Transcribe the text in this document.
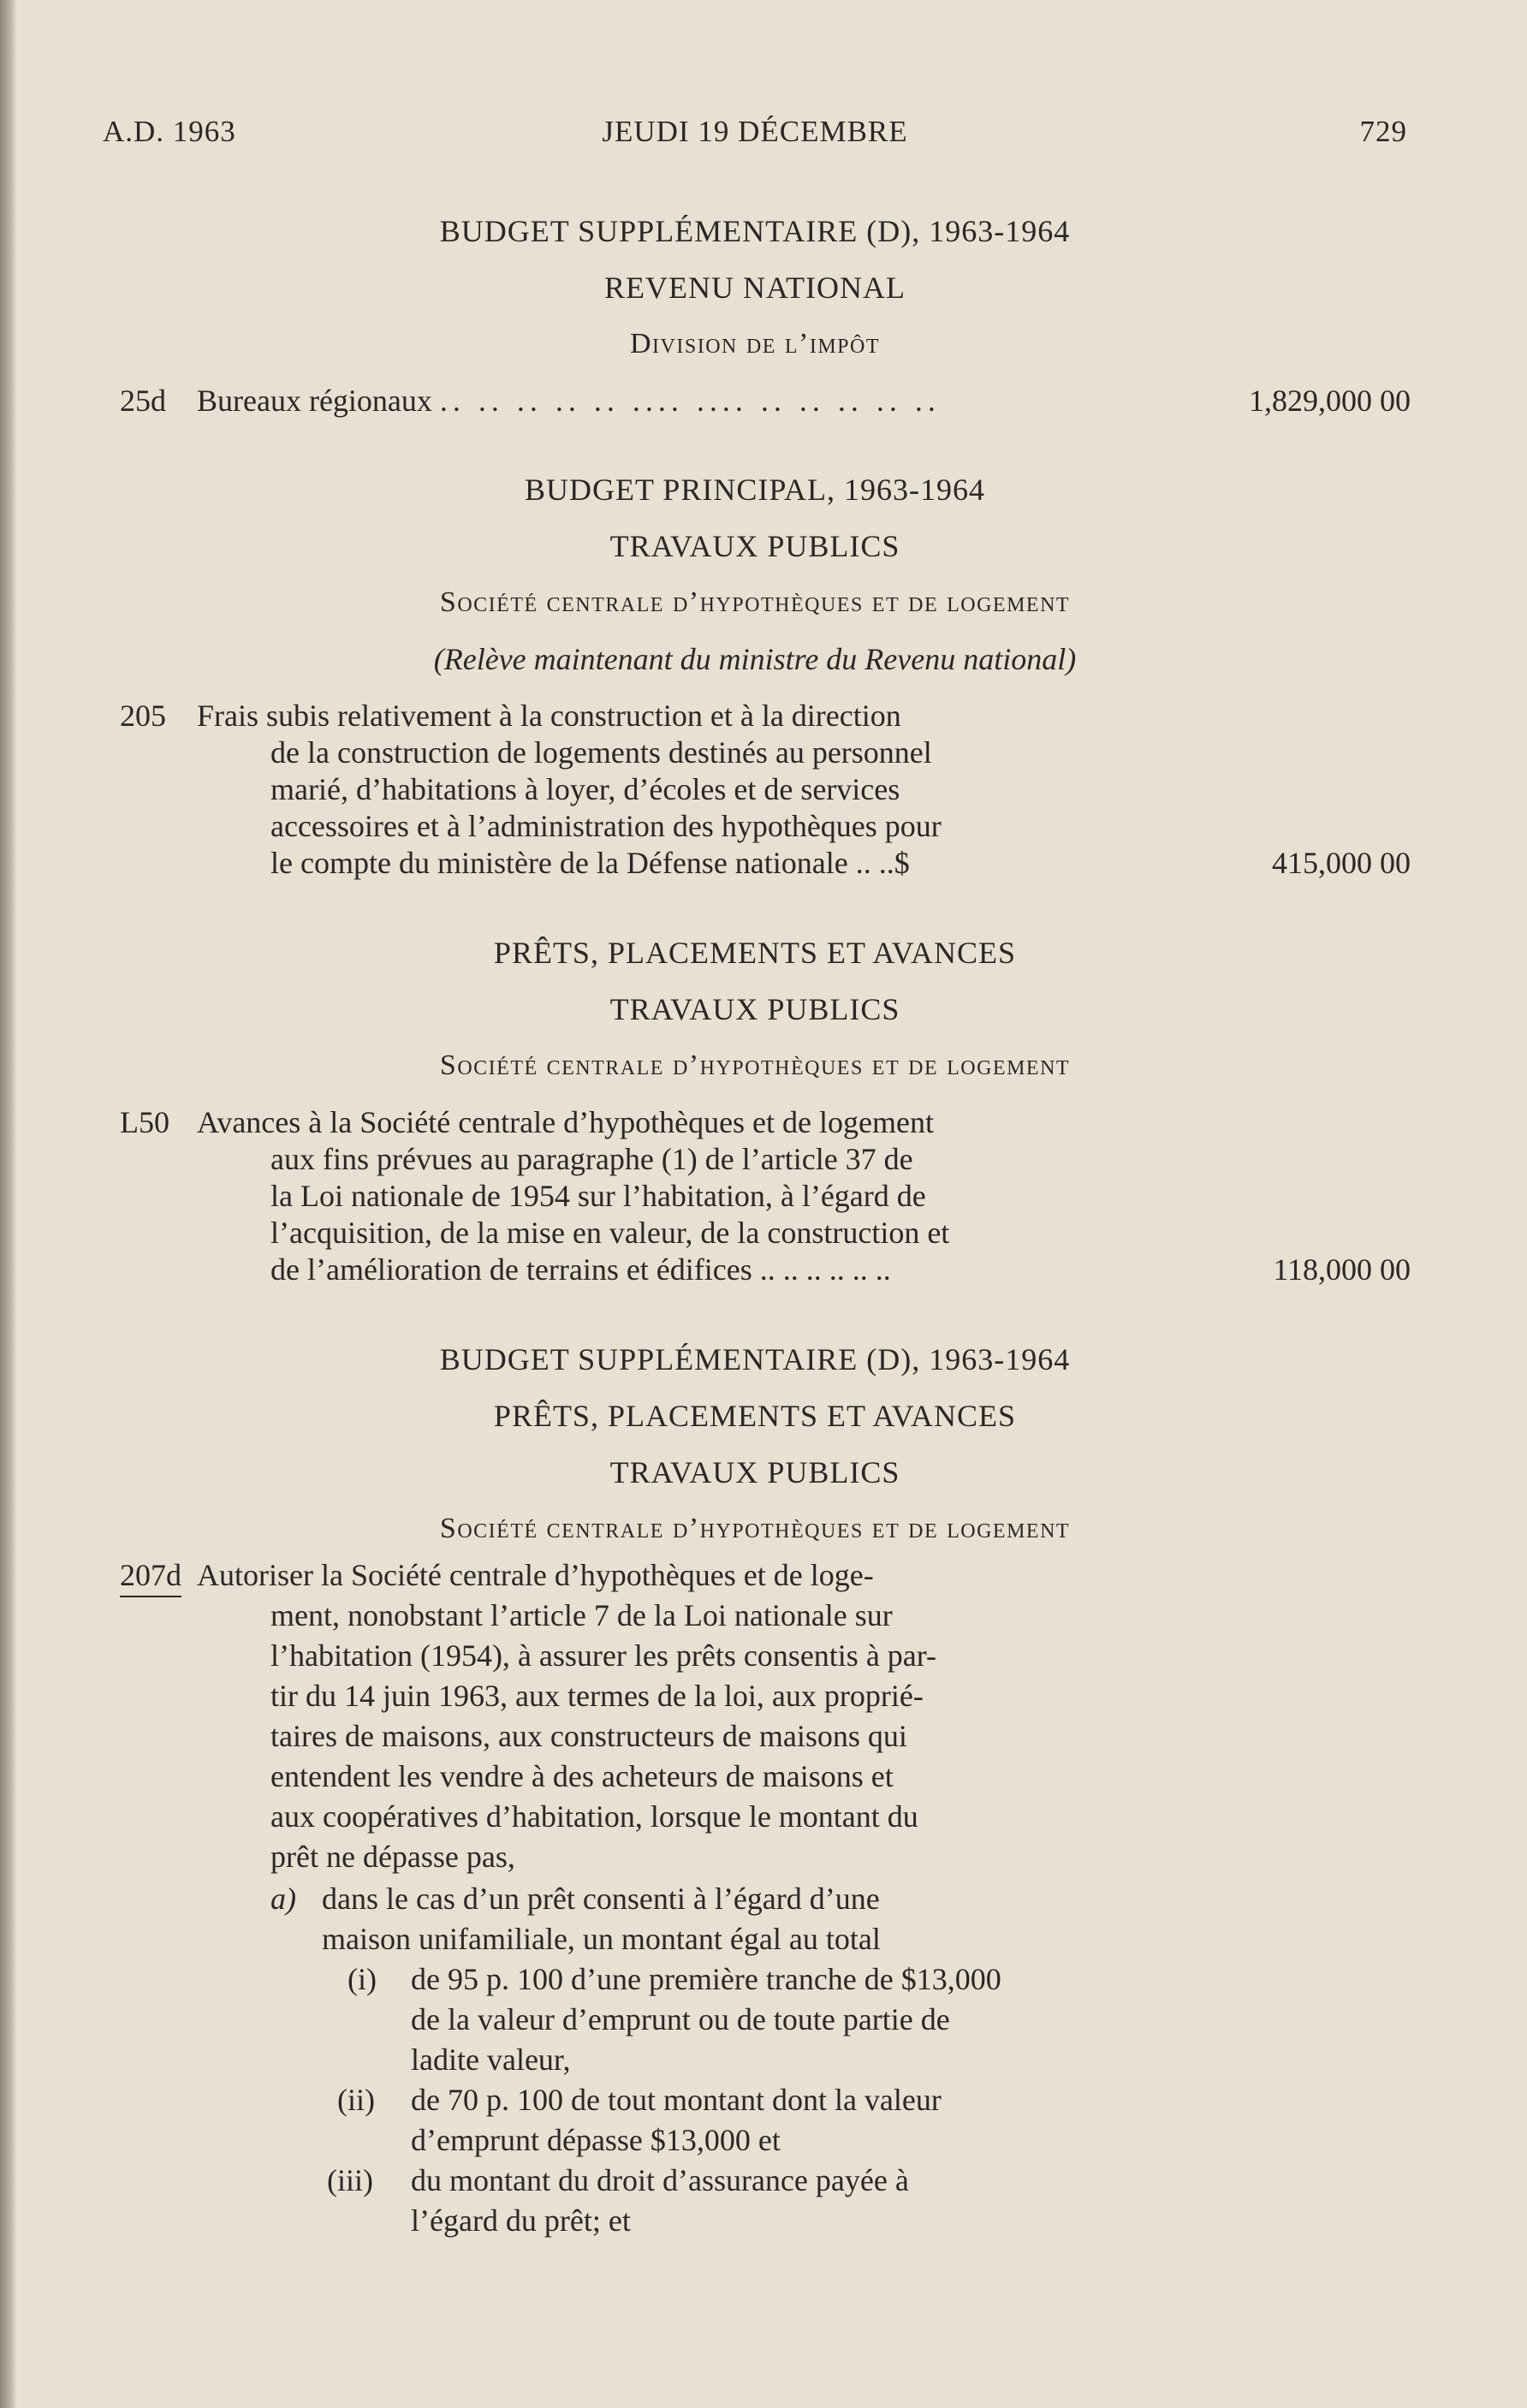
A.D. 1963	JEUDI 19 DÉCEMBRE	729
BUDGET SUPPLÉMENTAIRE (D), 1963-1964
REVENU NATIONAL
Division de l’impôt
25d Bureaux régionaux .. .. .. .. .. .... .... .. .. .. .. ..	1,829,000 00
BUDGET PRINCIPAL, 1963-1964
TRAVAUX PUBLICS
Société centrale d’hypothèques et de logement
(Relève maintenant du ministre du Revenu national)
205 Frais subis relativement à la construction et à la direction
de la construction de logements destinés au personnel
marié, d’habitations à loyer, d’écoles et de services
accessoires et à l’administration des hypothèques pour
le compte du ministère de la Défense nationale .. ..$	415,000 00
PRÊTS, PLACEMENTS ET AVANCES
TRAVAUX PUBLICS
Société centrale d’hypothèques et de logement
L50 Avances à la Société centrale d’hypothèques et de logement
aux fins prévues au paragraphe (1) de l’article 37 de
la Loi nationale de 1954 sur l’habitation, à l’égard de
l’acquisition, de la mise en valeur, de la construction et
de l’amélioration de terrains et édifices .. .. .. .. .. ..	118,000 00
BUDGET SUPPLÉMENTAIRE (D), 1963-1964
PRÊTS, PLACEMENTS ET AVANCES
TRAVAUX PUBLICS
Société centrale d’hypothèques et de logement
207d Autoriser la Société centrale d’hypothèques et de loge-
ment, nonobstant l’article 7 de la Loi nationale sur
l’habitation (1954), à assurer les prêts consentis à par-
tir du 14 juin 1963, aux termes de la loi, aux proprié-
taires de maisons, aux constructeurs de maisons qui
entendent les vendre à des acheteurs de maisons et
aux coopératives d’habitation, lorsque le montant du
prêt ne dépasse pas,
a) dans le cas d’un prêt consenti à l’égard d’une
maison unifamiliale, un montant égal au total
(i) de 95 p. 100 d’une première tranche de $13,000
de la valeur d’emprunt ou de toute partie de
ladite valeur,
(ii) de 70 p. 100 de tout montant dont la valeur
d’emprunt dépasse $13,000 et
(iii) du montant du droit d’assurance payée à
l’égard du prêt; et
